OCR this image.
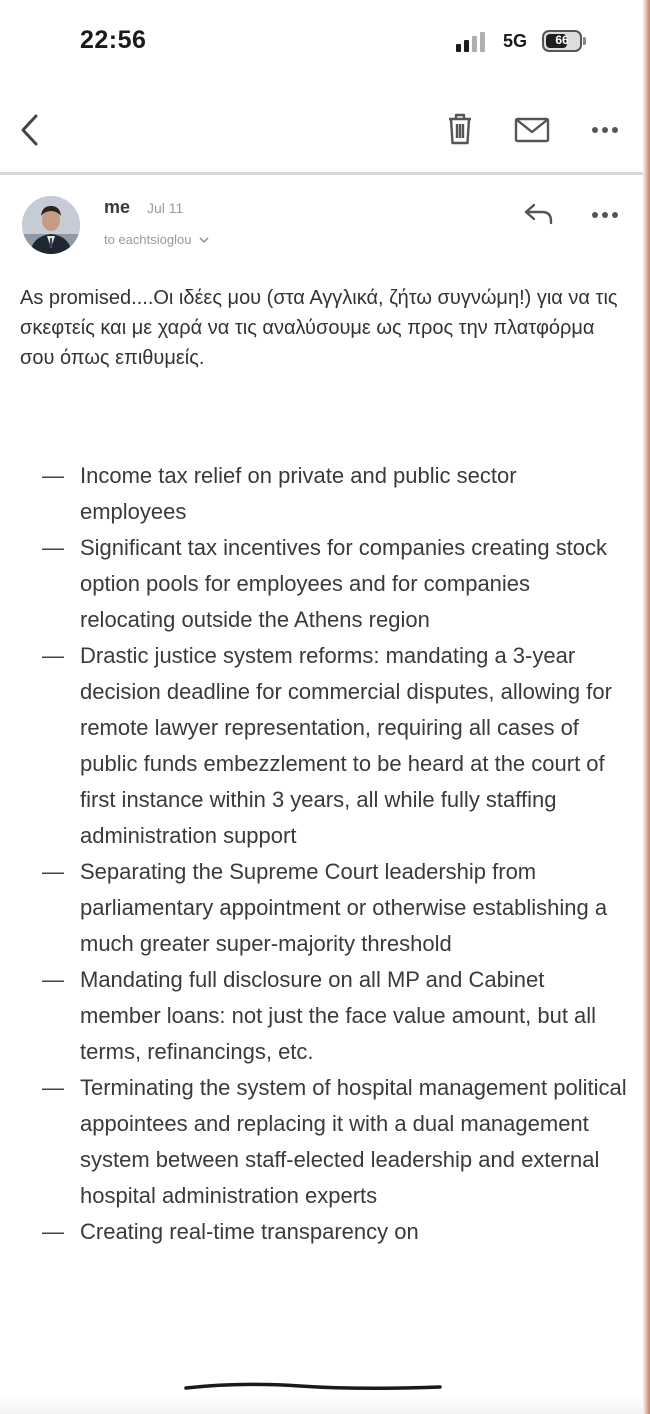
22:56	5G	66
me Jul 11
to eachtsioglou
As promised....Οι ιδέες μου (στα Αγγλικά, ζήτω συγνώμη!) για να τις σκεφτείς και με χαρά να τις αναλύσουμε ως προς την πλατφόρμα σου όπως επιθυμείς.
— Income tax relief on private and public sector employees
— Significant tax incentives for companies creating stock option pools for employees and for companies relocating outside the Athens region
— Drastic justice system reforms: mandating a 3-year decision deadline for commercial disputes, allowing for remote lawyer representation, requiring all cases of public funds embezzlement to be heard at the court of first instance within 3 years, all while fully staffing administration support
— Separating the Supreme Court leadership from parliamentary appointment or otherwise establishing a much greater super-majority threshold
— Mandating full disclosure on all MP and Cabinet member loans: not just the face value amount, but all terms, refinancings, etc.
— Terminating the system of hospital management political appointees and replacing it with a dual management system between staff-elected leadership and external hospital administration experts
— Creating real-time transparency on
